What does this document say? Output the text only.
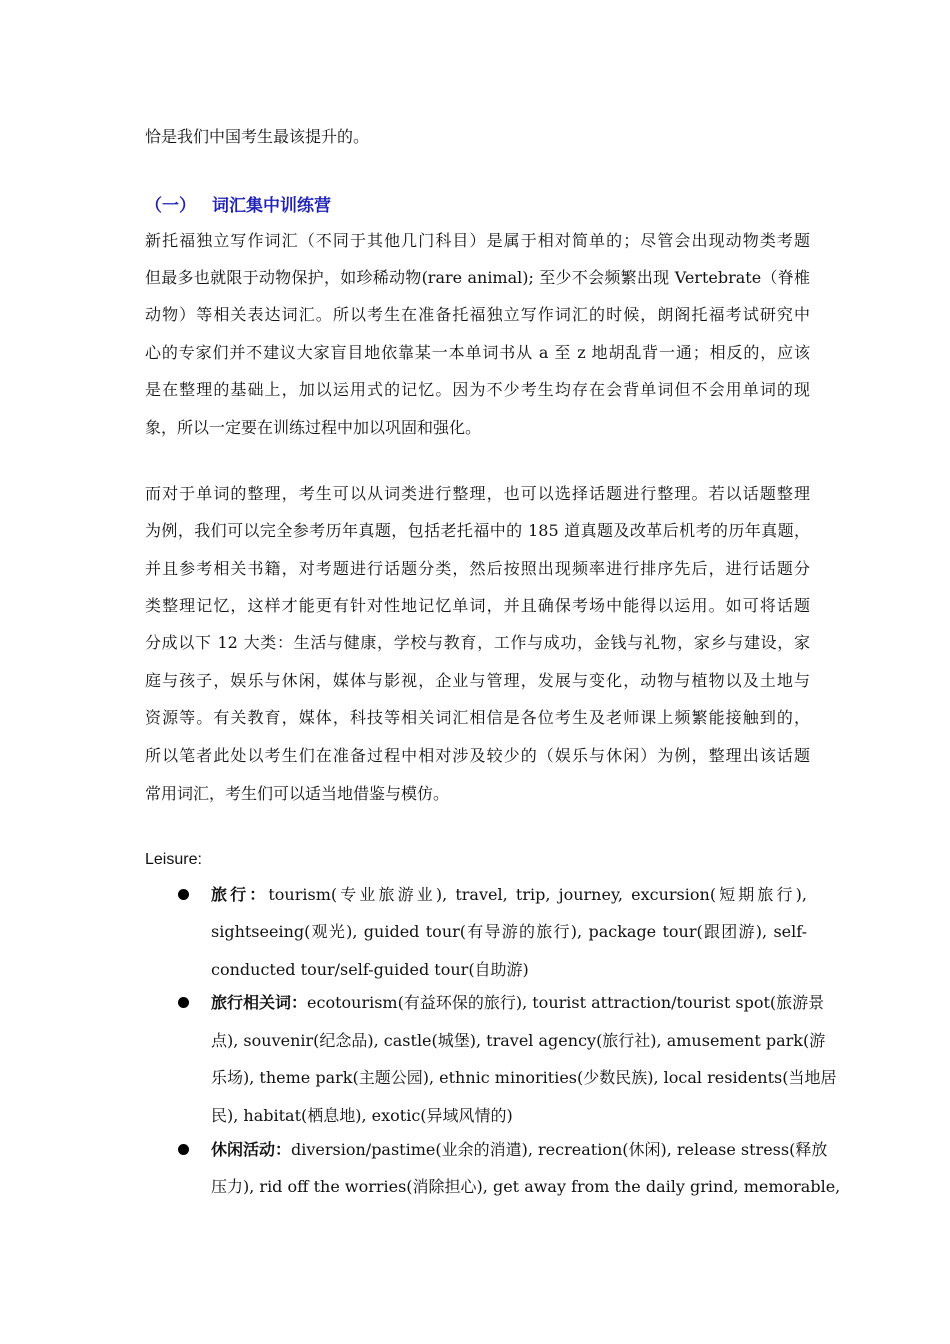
恰是我们中国考生最该提升的。
（一） 词汇集中训练营
新托福独立写作词汇（不同于其他几门科目）是属于相对简单的；尽管会出现动物类考题
但最多也就限于动物保护，如珍稀动物(rare animal); 至少不会频繁出现 Vertebrate（脊椎
动物）等相关表达词汇。所以考生在准备托福独立写作词汇的时候，朗阁托福考试研究中
心的专家们并不建议大家盲目地依靠某一本单词书从 a 至 z 地胡乱背一通；相反的，应该
是在整理的基础上，加以运用式的记忆。因为不少考生均存在会背单词但不会用单词的现
象，所以一定要在训练过程中加以巩固和强化。
而对于单词的整理，考生可以从词类进行整理，也可以选择话题进行整理。若以话题整理
为例，我们可以完全参考历年真题，包括老托福中的 185 道真题及改革后机考的历年真题，
并且参考相关书籍，对考题进行话题分类，然后按照出现频率进行排序先后，进行话题分
类整理记忆，这样才能更有针对性地记忆单词，并且确保考场中能得以运用。如可将话题
分成以下 12 大类：生活与健康，学校与教育，工作与成功，金钱与礼物，家乡与建设，家
庭与孩子，娱乐与休闲，媒体与影视，企业与管理，发展与变化，动物与植物以及土地与
资源等。有关教育，媒体，科技等相关词汇相信是各位考生及老师课上频繁能接触到的，
所以笔者此处以考生们在准备过程中相对涉及较少的（娱乐与休闲）为例，整理出该话题
常用词汇，考生们可以适当地借鉴与模仿。
Leisure:
旅行：tourism(专业旅游业), travel, trip, journey, excursion(短期旅行),
sightseeing(观光), guided tour(有导游的旅行), package tour(跟团游), self-
conducted tour/self-guided tour(自助游)
旅行相关词：ecotourism(有益环保的旅行), tourist attraction/tourist spot(旅游景
点), souvenir(纪念品), castle(城堡), travel agency(旅行社), amusement park(游
乐场), theme park(主题公园), ethnic minorities(少数民族), local residents(当地居
民), habitat(栖息地), exotic(异域风情的)
休闲活动：diversion/pastime(业余的消遣), recreation(休闲), release stress(释放
压力), rid off the worries(消除担心), get away from the daily grind, memorable,
